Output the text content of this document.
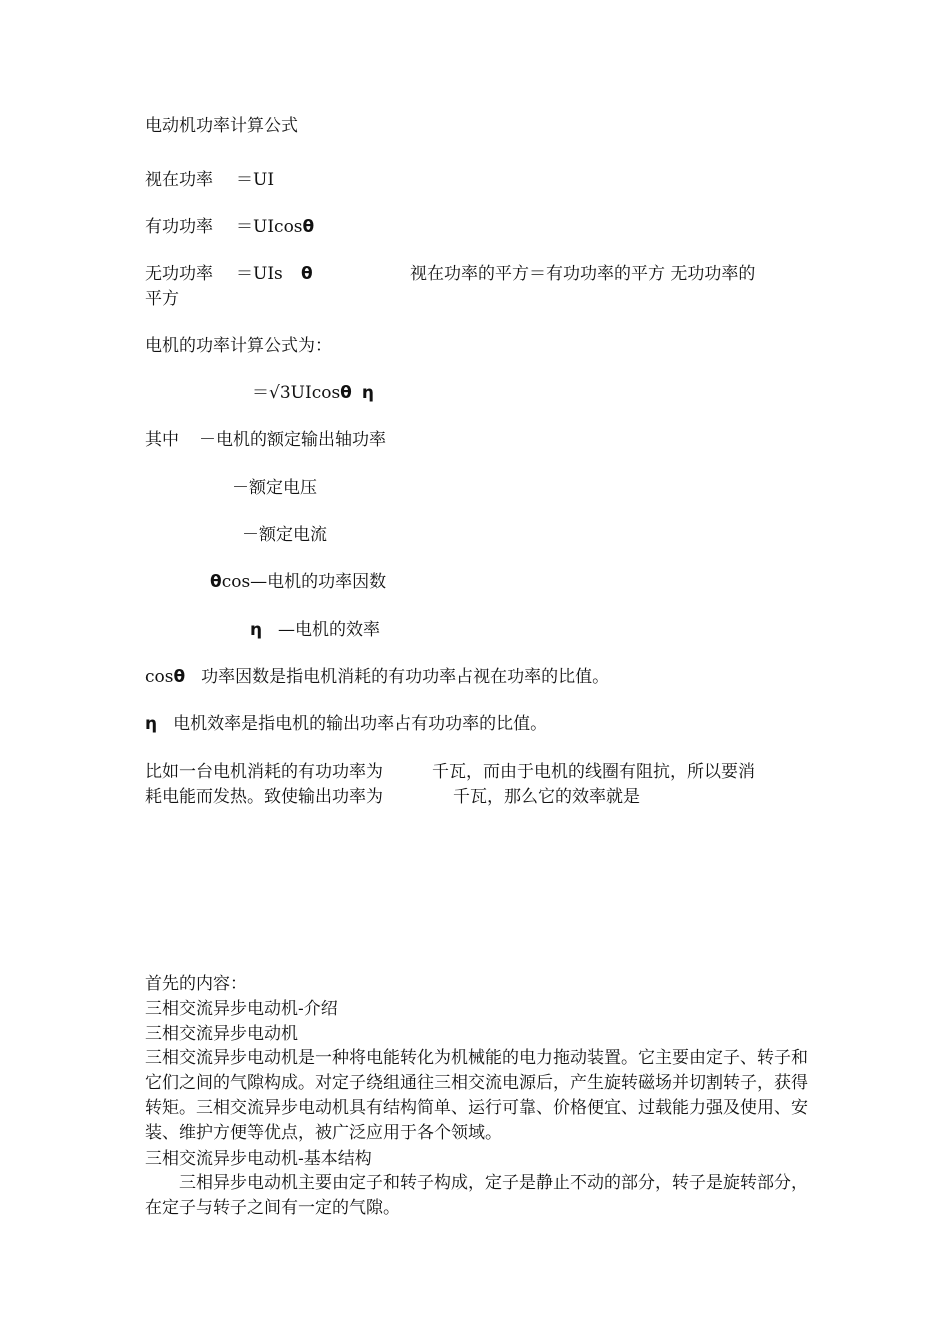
电动机功率计算公式
视在功率 ＝UI
有功功率 ＝UIcosθ
无功功率 ＝UIs θ	视在功率的平方＝有功功率的平方 无功功率的
平方
电机的功率计算公式为：
＝√3UIcosθ η
其中 －电机的额定输出轴功率
－额定电压
－额定电流
θcos—电机的功率因数
η —电机的效率
cosθ 功率因数是指电机消耗的有功功率占视在功率的比值。
η 电机效率是指电机的输出功率占有功功率的比值。
比如一台电机消耗的有功功率为	千瓦，而由于电机的线圈有阻抗，所以要消
耗电能而发热。致使输出功率为	千瓦，那么它的效率就是
首先的内容：
三相交流异步电动机-介绍
三相交流异步电动机
三相交流异步电动机是一种将电能转化为机械能的电力拖动装置。它主要由定子、转子和它们之间的气隙构成。对定子绕组通往三相交流电源后，产生旋转磁场并切割转子，获得转矩。三相交流异步电动机具有结构简单、运行可靠、价格便宜、过载能力强及使用、安装、维护方便等优点，被广泛应用于各个领域。
三相交流异步电动机-基本结构
三相异步电动机主要由定子和转子构成，定子是静止不动的部分，转子是旋转部分，在定子与转子之间有一定的气隙。
